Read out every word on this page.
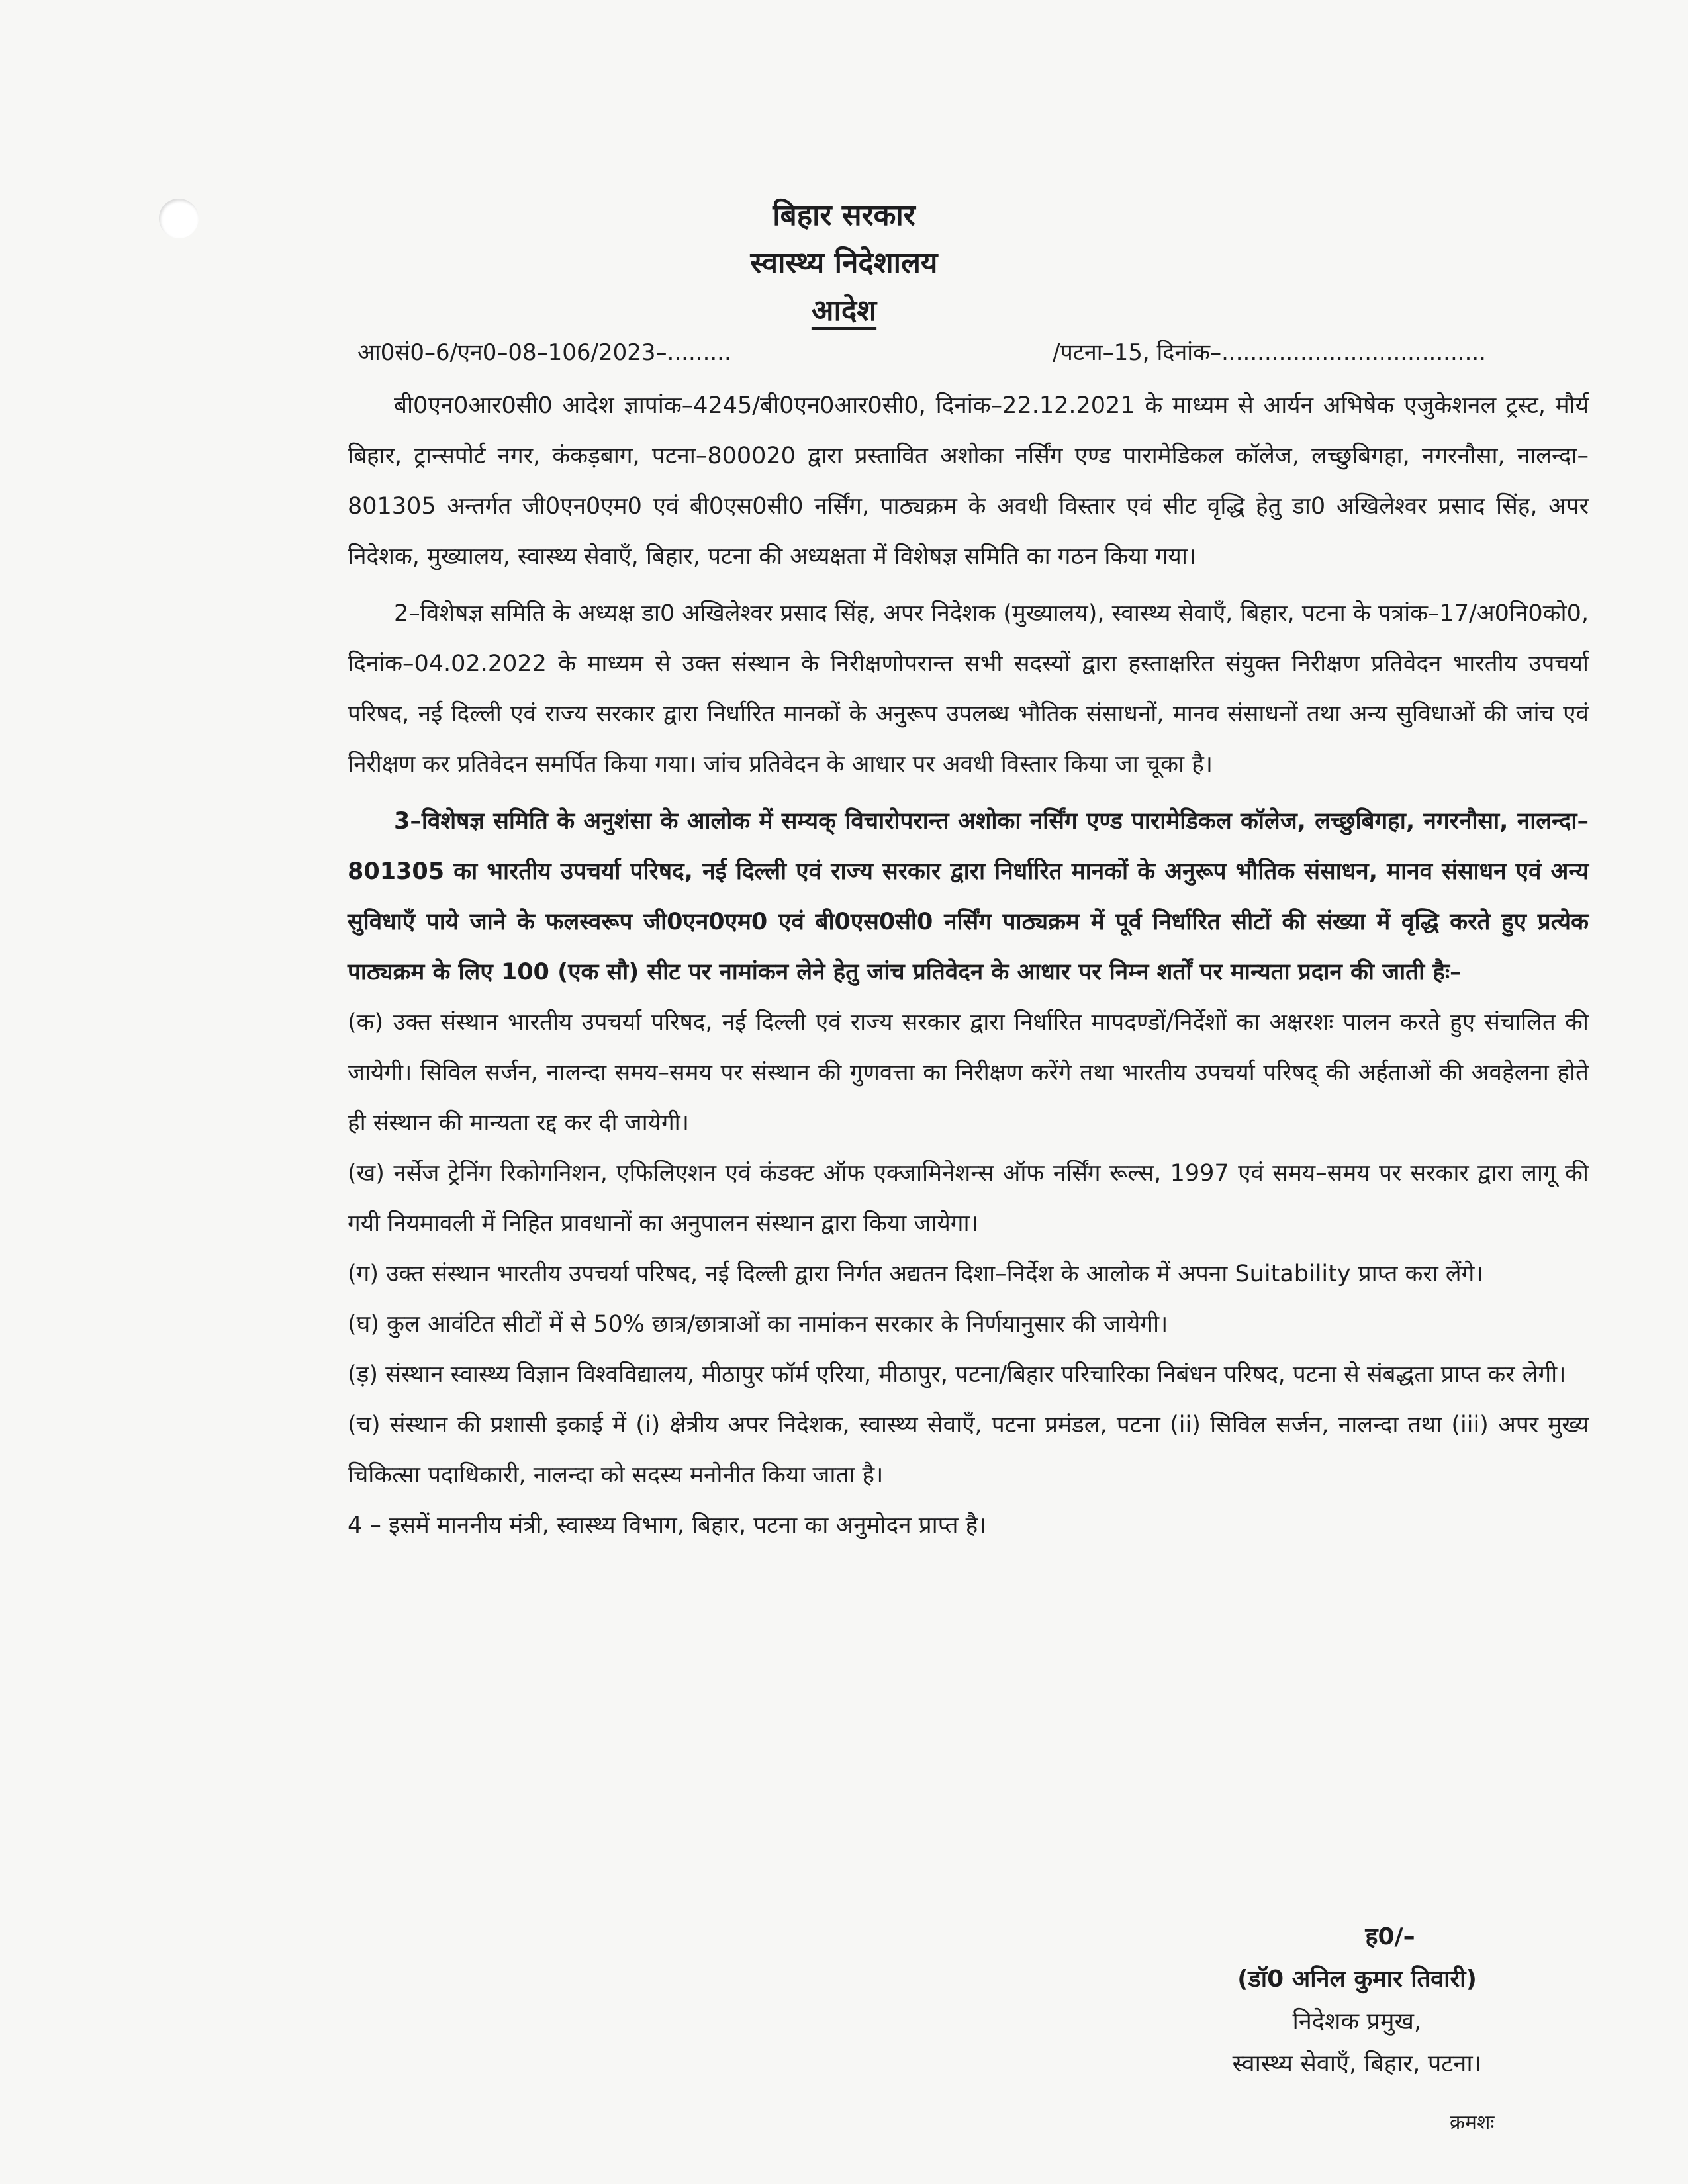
बिहार सरकार
स्वास्थ्य निदेशालय
आदेश
आ0सं0–6/एन0–08–106/2023–.........	/पटना–15, दिनांक–.....................................

बी0एन0आर0सी0 आदेश ज्ञापांक–4245/बी0एन0आर0सी0, दिनांक–22.12.2021 के माध्यम से आर्यन अभिषेक एजुकेशनल ट्रस्ट, मौर्य बिहार, ट्रान्सपोर्ट नगर, कंकड़बाग, पटना–800020 द्वारा प्रस्तावित अशोका नर्सिंग एण्ड पारामेडिकल कॉलेज, लच्छुबिगहा, नगरनौसा, नालन्दा–801305 अन्तर्गत जी0एन0एम0 एवं बी0एस0सी0 नर्सिंग, पाठ्यक्रम के अवधी विस्तार एवं सीट वृद्धि हेतु डा0 अखिलेश्वर प्रसाद सिंह, अपर निदेशक, मुख्यालय, स्वास्थ्य सेवाएँ, बिहार, पटना की अध्यक्षता में विशेषज्ञ समिति का गठन किया गया।

2–विशेषज्ञ समिति के अध्यक्ष डा0 अखिलेश्वर प्रसाद सिंह, अपर निदेशक (मुख्यालय), स्वास्थ्य सेवाएँ, बिहार, पटना के पत्रांक–17/अ0नि0को0, दिनांक–04.02.2022 के माध्यम से उक्त संस्थान के निरीक्षणोपरान्त सभी सदस्यों द्वारा हस्ताक्षरित संयुक्त निरीक्षण प्रतिवेदन भारतीय उपचर्या परिषद, नई दिल्ली एवं राज्य सरकार द्वारा निर्धारित मानकों के अनुरूप उपलब्ध भौतिक संसाधनों, मानव संसाधनों तथा अन्य सुविधाओं की जांच एवं निरीक्षण कर प्रतिवेदन समर्पित किया गया। जांच प्रतिवेदन के आधार पर अवधी विस्तार किया जा चूका है।

3–विशेषज्ञ समिति के अनुशंसा के आलोक में सम्यक् विचारोपरान्त अशोका नर्सिंग एण्ड पारामेडिकल कॉलेज, लच्छुबिगहा, नगरनौसा, नालन्दा–801305 का भारतीय उपचर्या परिषद, नई दिल्ली एवं राज्य सरकार द्वारा निर्धारित मानकों के अनुरूप भौतिक संसाधन, मानव संसाधन एवं अन्य सुविधाएँ पाये जाने के फलस्वरूप जी0एन0एम0 एवं बी0एस0सी0 नर्सिंग पाठ्यक्रम में पूर्व निर्धारित सीटों की संख्या में वृद्धि करते हुए प्रत्येक पाठ्यक्रम के लिए 100 (एक सौ) सीट पर नामांकन लेने हेतु जांच प्रतिवेदन के आधार पर निम्न शर्तों पर मान्यता प्रदान की जाती हैः–

(क) उक्त संस्थान भारतीय उपचर्या परिषद, नई दिल्ली एवं राज्य सरकार द्वारा निर्धारित मापदण्डों/निर्देशों का अक्षरशः पालन करते हुए संचालित की जायेगी। सिविल सर्जन, नालन्दा समय–समय पर संस्थान की गुणवत्ता का निरीक्षण करेंगे तथा भारतीय उपचर्या परिषद् की अर्हताओं की अवहेलना होते ही संस्थान की मान्यता रद्द कर दी जायेगी।

(ख) नर्सेज ट्रेनिंग रिकोगनिशन, एफिलिएशन एवं कंडक्ट ऑफ एक्जामिनेशन्स ऑफ नर्सिंग रूल्स, 1997 एवं समय–समय पर सरकार द्वारा लागू की गयी नियमावली में निहित प्रावधानों का अनुपालन संस्थान द्वारा किया जायेगा।

(ग) उक्त संस्थान भारतीय उपचर्या परिषद, नई दिल्ली द्वारा निर्गत अद्यतन दिशा–निर्देश के आलोक में अपना Suitability प्राप्त करा लेंगे।

(घ) कुल आवंटित सीटों में से 50% छात्र/छात्राओं का नामांकन सरकार के निर्णयानुसार की जायेगी।

(ड़) संस्थान स्वास्थ्य विज्ञान विश्वविद्यालय, मीठापुर फॉर्म एरिया, मीठापुर, पटना/बिहार परिचारिका निबंधन परिषद, पटना से संबद्धता प्राप्त कर लेगी।

(च) संस्थान की प्रशासी इकाई में (i) क्षेत्रीय अपर निदेशक, स्वास्थ्य सेवाएँ, पटना प्रमंडल, पटना (ii) सिविल सर्जन, नालन्दा तथा (iii) अपर मुख्य चिकित्सा पदाधिकारी, नालन्दा को सदस्य मनोनीत किया जाता है।

4 – इसमें माननीय मंत्री, स्वास्थ्य विभाग, बिहार, पटना का अनुमोदन प्राप्त है।

ह0/–
(डॉ0 अनिल कुमार तिवारी)
निदेशक प्रमुख,
स्वास्थ्य सेवाएँ, बिहार, पटना।
क्रमशः
